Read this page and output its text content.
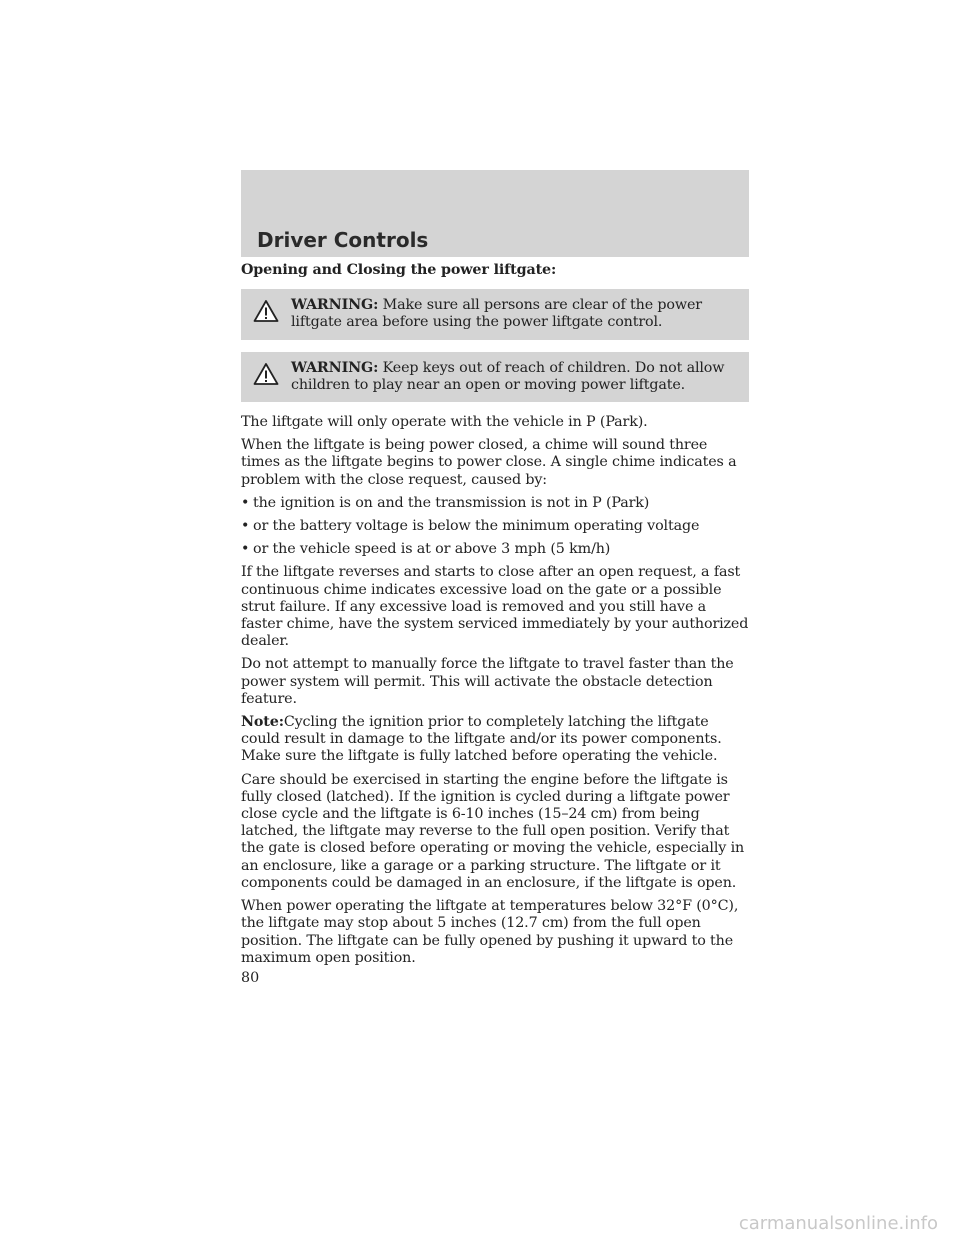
Driver Controls

Opening and Closing the power liftgate:

WARNING: Make sure all persons are clear of the power liftgate area before using the power liftgate control.
WARNING: Keep keys out of reach of children. Do not allow children to play near an open or moving power liftgate.

The liftgate will only operate with the vehicle in P (Park).

When the liftgate is being power closed, a chime will sound three times as the liftgate begins to power close. A single chime indicates a problem with the close request, caused by:

• the ignition is on and the transmission is not in P (Park)
• or the battery voltage is below the minimum operating voltage
• or the vehicle speed is at or above 3 mph (5 km/h)

If the liftgate reverses and starts to close after an open request, a fast continuous chime indicates excessive load on the gate or a possible strut failure. If any excessive load is removed and you still have a faster chime, have the system serviced immediately by your authorized dealer.

Do not attempt to manually force the liftgate to travel faster than the power system will permit. This will activate the obstacle detection feature.

Note:Cycling the ignition prior to completely latching the liftgate could result in damage to the liftgate and/or its power components. Make sure the liftgate is fully latched before operating the vehicle.

Care should be exercised in starting the engine before the liftgate is fully closed (latched). If the ignition is cycled during a liftgate power close cycle and the liftgate is 6-10 inches (15–24 cm) from being latched, the liftgate may reverse to the full open position. Verify that the gate is closed before operating or moving the vehicle, especially in an enclosure, like a garage or a parking structure. The liftgate or it components could be damaged in an enclosure, if the liftgate is open.

When power operating the liftgate at temperatures below 32°F (0°C), the liftgate may stop about 5 inches (12.7 cm) from the full open position. The liftgate can be fully opened by pushing it upward to the maximum open position.

80

carmanualsonline.info
